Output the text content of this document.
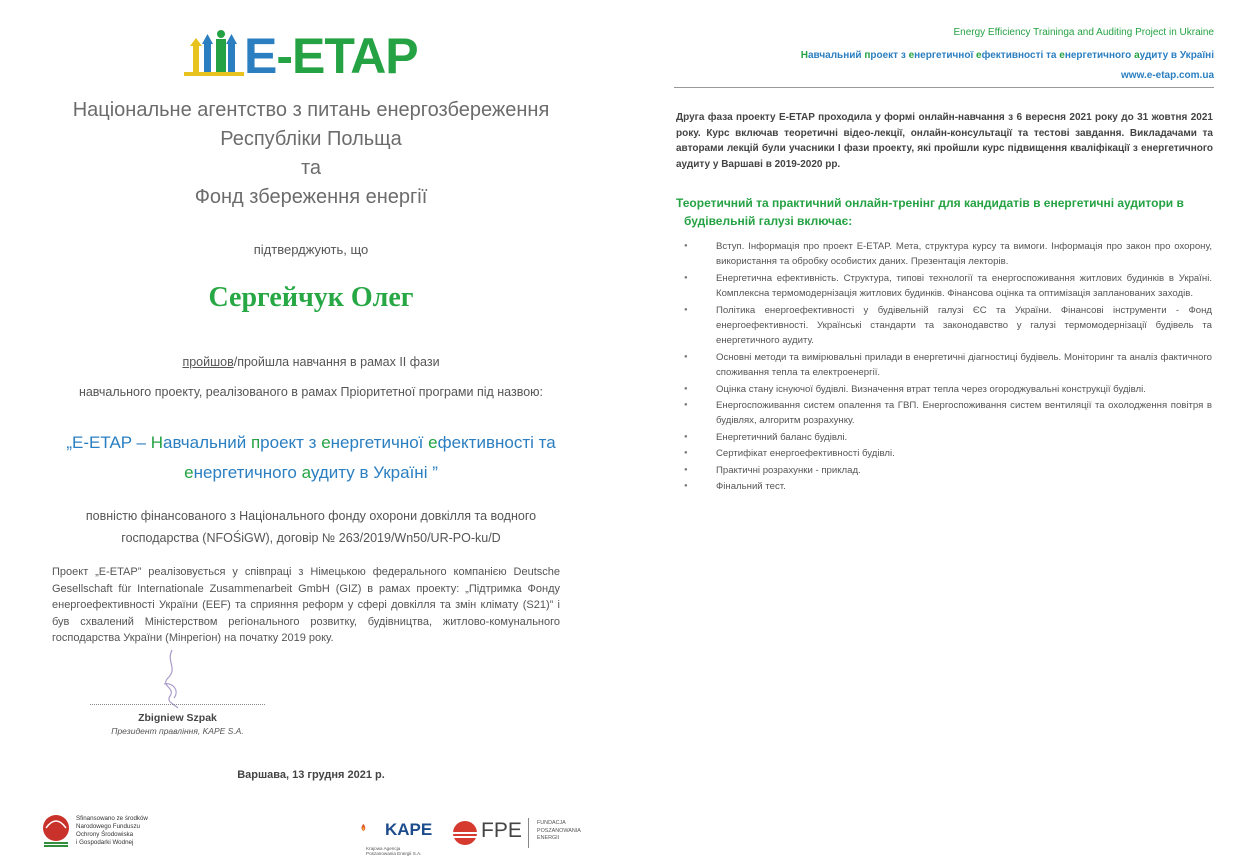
E-ETAP
Національне агентство з питань енергозбереження
Республіки Польща
та
Фонд збереження енергії
підтверджують, що
Сергейчук Олег
пройшов/пройшла навчання в рамах II фази
навчального проекту, реалізованого в рамах Пріоритетної програми під назвою:
„E-ETAP – Навчальний проект з енергетичної ефективності та
енергетичного аудиту в Україні ”
повністю фінансованого з Національного фонду охорони довкілля та водного
господарства (NFOŚiGW), договір № 263/2019/Wn50/UR-PO-ku/D
Проект „E-ETAP” реалізовується у співпраці з Німецькою федерального компанією Deutsche Gesellschaft für Internationale Zusammenarbeit GmbH (GIZ) в рамах проекту: „Підтримка Фонду енергоефективності України (EEF) та сприяння реформ у сфері довкілля та змін клімату (S21)” і був схвалений Міністерством регіонального розвитку, будівництва, житлово-комунального господарства України (Мінрегіон) на початку 2019 року.
Zbigniew Szpak
Президент правління, KAPE S.A.
Варшава, 13 грудня 2021 р.
Sfinansowano ze środków
Narodowego Funduszu
Ochrony Środowiska
i Gospodarki Wodnej
KAPE
Krajowa Agencja
Poszanowania Energii S.A.
FPE	FUNDACJA
POSZANOWANIA
ENERGII
Energy Efficiency Traininga and Auditing Project in Ukraine
Навчальний проект з енергетичної ефективності та енергетичного аудиту в Україні
www.e-etap.com.ua
Друга фаза проекту E-ETAP проходила у формі онлайн-навчання з 6 вересня 2021 року до 31 жовтня 2021 року. Курс включав теоретичні відео-лекції, онлайн-консультації та тестові завдання. Викладачами та авторами лекцій були учасники I фази проекту, які пройшли курс підвищення кваліфікації з енергетичного аудиту у Варшаві в 2019-2020 рр.
Теоретичний та практичний онлайн-тренінг для кандидатів в енергетичні аудитори в
будівельній галузі включає:
● Вступ. Інформація про проект E-ETAP. Мета, структура курсу та вимоги. Інформація про закон про охорону, використання та обробку особистих даних. Презентація лекторів.
● Енергетична ефективність. Структура, типові технології та енергоспоживання житлових будинків в Україні. Комплексна термомодернізація житлових будинків. Фінансова оцінка та оптимізація запланованих заходів.
● Політика енергоефективності у будівельній галузі ЄС та України. Фінансові інструменти - Фонд енергоефективності. Українські стандарти та законодавство у галузі термомодернізації будівель та енергетичного аудиту.
● Основні методи та вимірювальні прилади в енергетичні діагностиці будівель. Моніторинг та аналіз фактичного споживання тепла та електроенергії.
● Оцінка стану існуючої будівлі. Визначення втрат тепла через огороджувальні конструкції будівлі.
● Енергоспоживання систем опалення та ГВП. Енергоспоживання систем вентиляції та охолодження повітря в будівлях, алгоритм розрахунку.
● Енергетичний баланс будівлі.
● Сертифікат енергоефективності будівлі.
● Практичні розрахунки - приклад.
● Фінальний тест.
